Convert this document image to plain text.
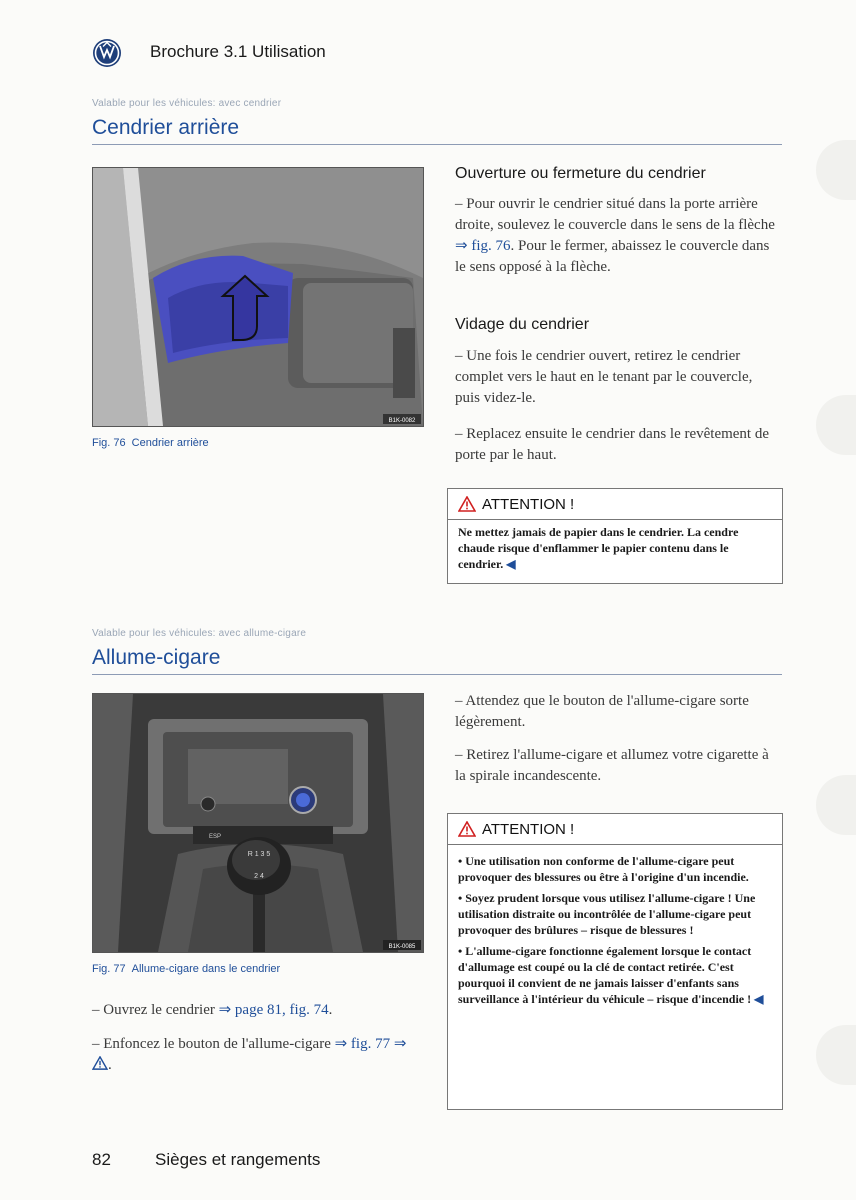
Brochure 3.1 Utilisation
Valable pour les véhicules: avec cendrier
Cendrier arrière
B1K-0082
Fig. 76 Cendrier arrière
Ouverture ou fermeture du cendrier
– Pour ouvrir le cendrier situé dans la porte arrière droite, soulevez le couvercle dans le sens de la flèche ⇒ fig. 76. Pour le fermer, abaissez le couvercle dans le sens opposé à la flèche.
Vidage du cendrier
– Une fois le cendrier ouvert, retirez le cendrier complet vers le haut en le tenant par le couvercle, puis videz-le.
– Replacez ensuite le cendrier dans le revêtement de porte par le haut.
ATTENTION !
Ne mettez jamais de papier dans le cendrier. La cendre chaude risque d'enflammer le papier contenu dans le cendrier. ◀
Valable pour les véhicules: avec allume-cigare
Allume-cigare
ESP
R 1 3 5
2 4
B1K-0085
Fig. 77 Allume-cigare dans le cendrier
– Ouvrez le cendrier ⇒ page 81, fig. 74.
– Enfoncez le bouton de l'allume-cigare ⇒ fig. 77 ⇒ .
– Attendez que le bouton de l'allume-cigare sorte légèrement.
– Retirez l'allume-cigare et allumez votre cigarette à la spirale incandescente.
ATTENTION !

• Une utilisation non conforme de l'allume-cigare peut provoquer des blessures ou être à l'origine d'un incendie.

• Soyez prudent lorsque vous utilisez l'allume-cigare ! Une utilisation distraite ou incontrôlée de l'allume-cigare peut provoquer des brûlures – risque de blessures !

• L'allume-cigare fonctionne également lorsque le contact d'allumage est coupé ou la clé de contact retirée. C'est pourquoi il convient de ne jamais laisser d'enfants sans surveillance à l'intérieur du véhicule – risque d'incendie ! ◀

82	Sièges et rangements
